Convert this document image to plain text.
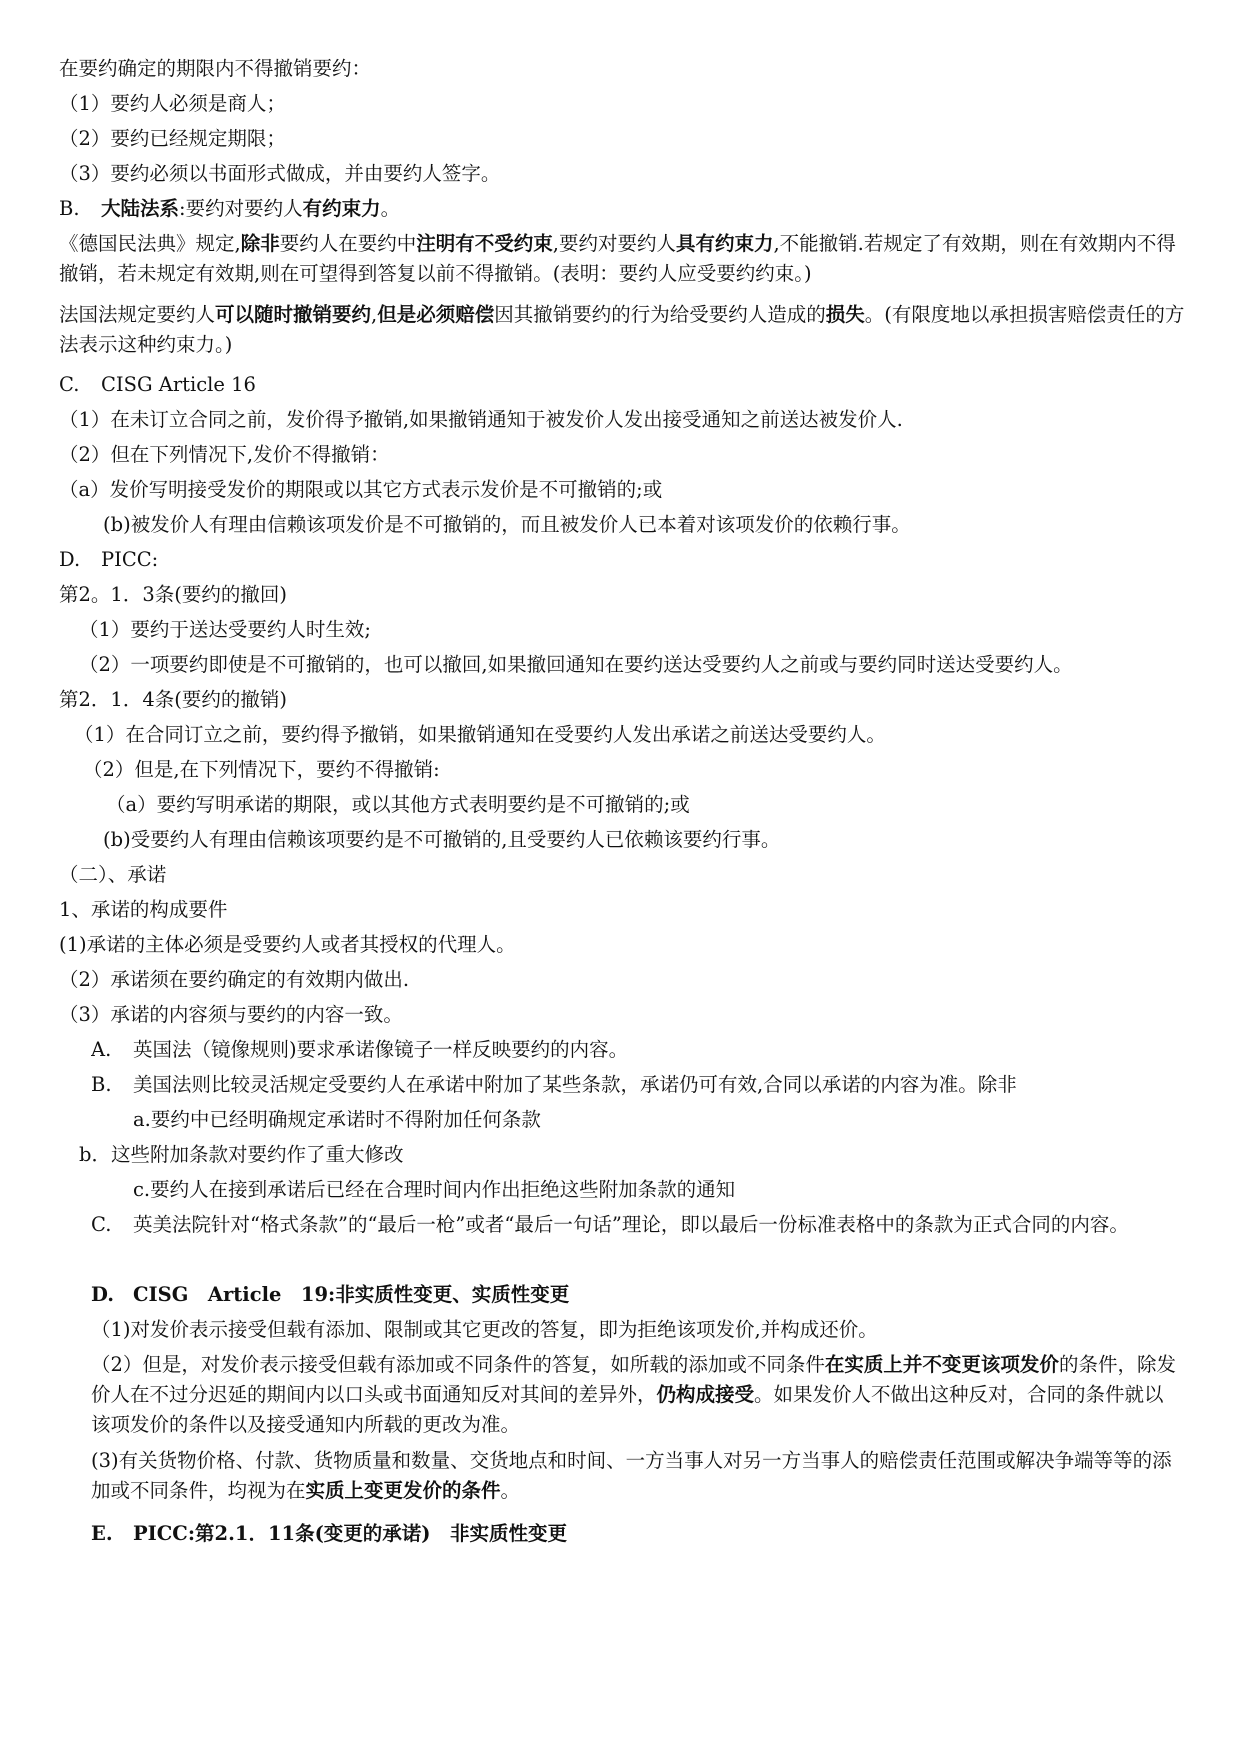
在要约确定的期限内不得撤销要约：
（1）要约人必须是商人；
（2）要约已经规定期限；
（3）要约必须以书面形式做成，并由要约人签字。
B. 大陆法系:要约对要约人有约束力。
《德国民法典》规定,除非要约人在要约中注明有不受约束,要约对要约人具有约束力,不能撤销.若规定了有效期，则在有效期内不得撤销，若未规定有效期,则在可望得到答复以前不得撤销。(表明：要约人应受要约约束。)
法国法规定要约人可以随时撤销要约,但是必须赔偿因其撤销要约的行为给受要约人造成的损失。(有限度地以承担损害赔偿责任的方法表示这种约束力。)
C. CISG Article 16
（1）在未订立合同之前，发价得予撤销,如果撤销通知于被发价人发出接受通知之前送达被发价人.
（2）但在下列情况下,发价不得撤销：
（a）发价写明接受发价的期限或以其它方式表示发价是不可撤销的;或
(b)被发价人有理由信赖该项发价是不可撤销的，而且被发价人已本着对该项发价的依赖行事。
D. PICC:
第2。1．3条(要约的撤回)
（1）要约于送达受要约人时生效;
（2）一项要约即使是不可撤销的，也可以撤回,如果撤回通知在要约送达受要约人之前或与要约同时送达受要约人。
第2．1．4条(要约的撤销)
（1）在合同订立之前，要约得予撤销，如果撤销通知在受要约人发出承诺之前送达受要约人。
（2）但是,在下列情况下，要约不得撤销:
（a）要约写明承诺的期限，或以其他方式表明要约是不可撤销的;或
(b)受要约人有理由信赖该项要约是不可撤销的,且受要约人已依赖该要约行事。
（二）、承诺
1、承诺的构成要件
(1)承诺的主体必须是受要约人或者其授权的代理人。
（2）承诺须在要约确定的有效期内做出.
（3）承诺的内容须与要约的内容一致。
A. 英国法（镜像规则)要求承诺像镜子一样反映要约的内容。
B. 美国法则比较灵活规定受要约人在承诺中附加了某些条款，承诺仍可有效,合同以承诺的内容为准。除非
a.要约中已经明确规定承诺时不得附加任何条款
b．这些附加条款对要约作了重大修改
c.要约人在接到承诺后已经在合理时间内作出拒绝这些附加条款的通知
C. 英美法院针对“格式条款”的“最后一枪”或者“最后一句话”理论，即以最后一份标准表格中的条款为正式合同的内容。
D. CISG　Article　19:非实质性变更、实质性变更
（1)对发价表示接受但载有添加、限制或其它更改的答复，即为拒绝该项发价,并构成还价。
（2）但是，对发价表示接受但载有添加或不同条件的答复，如所载的添加或不同条件在实质上并不变更该项发价的条件，除发价人在不过分迟延的期间内以口头或书面通知反对其间的差异外，仍构成接受。如果发价人不做出这种反对，合同的条件就以该项发价的条件以及接受通知内所载的更改为准。
(3)有关货物价格、付款、货物质量和数量、交货地点和时间、一方当事人对另一方当事人的赔偿责任范围或解决争端等等的添加或不同条件，均视为在实质上变更发价的条件。
E. PICC:第2.1．11条(变更的承诺)　非实质性变更
